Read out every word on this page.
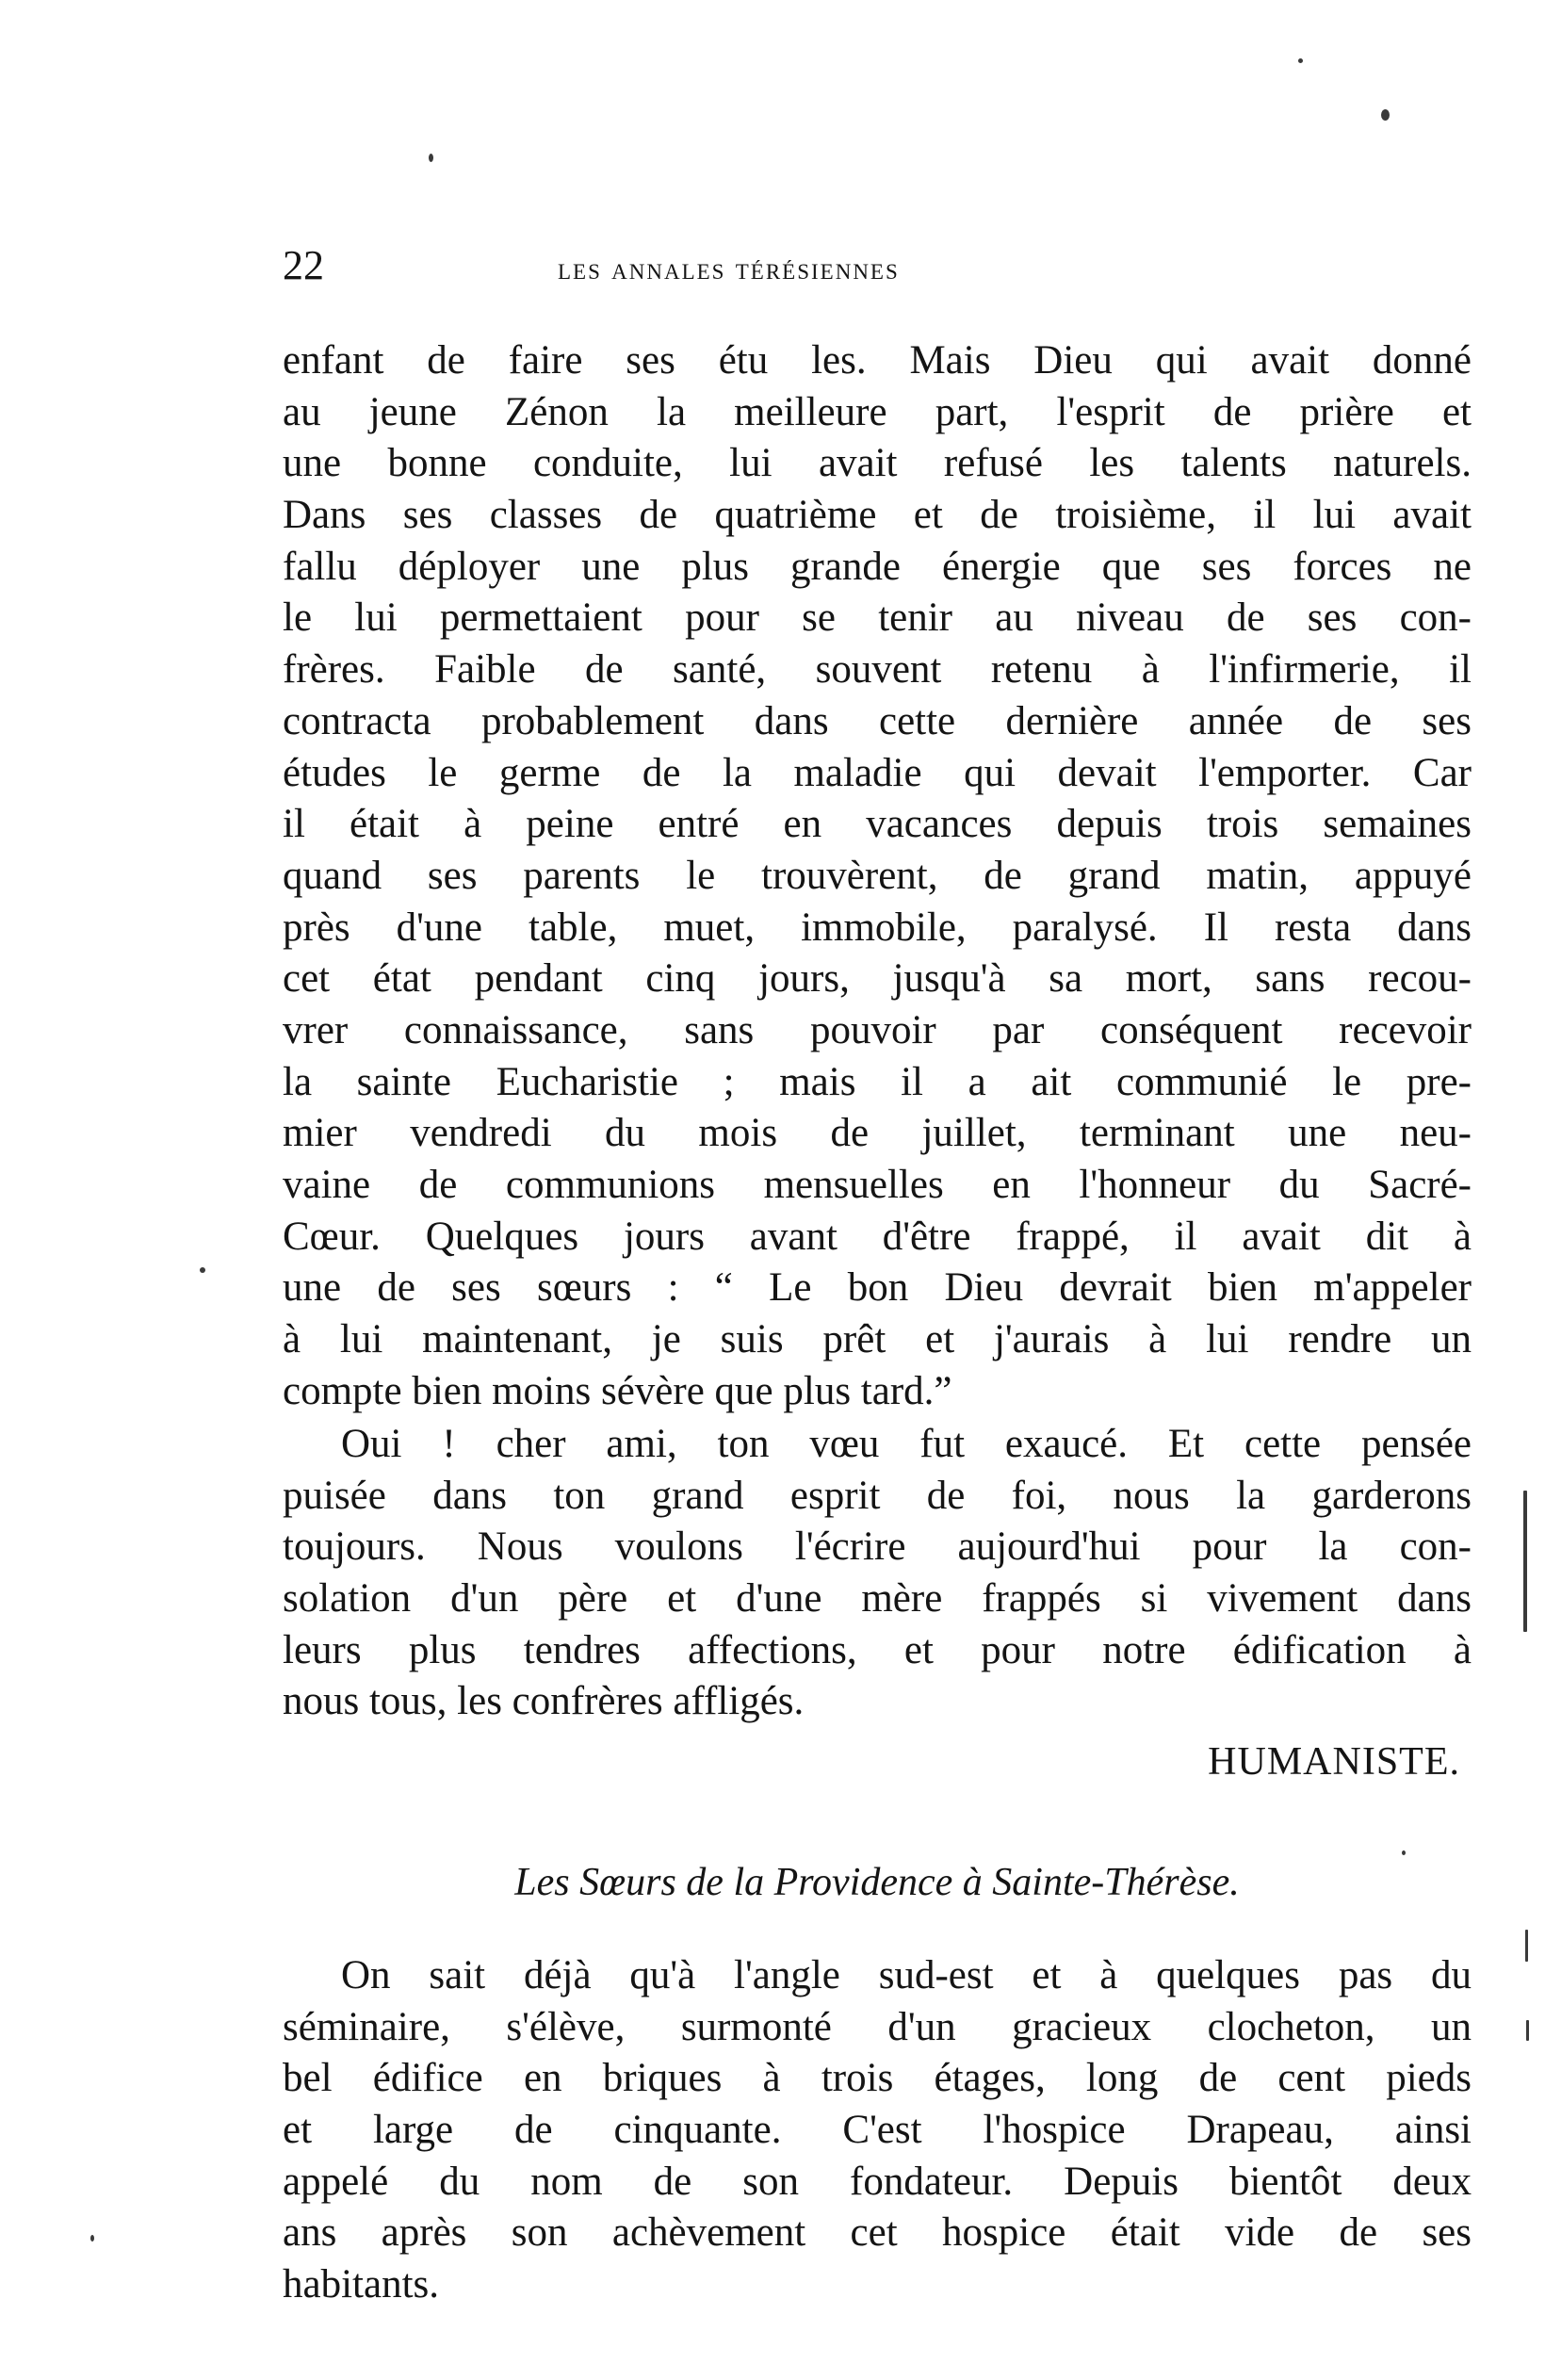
22	les annales térésiennes
enfant de faire ses étu les. Mais Dieu qui avait donné
au jeune Zénon la meilleure part, l'esprit de prière et
une bonne conduite, lui avait refusé les talents naturels.
Dans ses classes de quatrième et de troisième, il lui avait
fallu déployer une plus grande énergie que ses forces ne
le lui permettaient pour se tenir au niveau de ses con-
frères. Faible de santé, souvent retenu à l'infirmerie, il
contracta probablement dans cette dernière année de ses
études le germe de la maladie qui devait l'emporter. Car
il était à peine entré en vacances depuis trois semaines
quand ses parents le trouvèrent, de grand matin, appuyé
près d'une table, muet, immobile, paralysé. Il resta dans
cet état pendant cinq jours, jusqu'à sa mort, sans recou-
vrer connaissance, sans pouvoir par conséquent recevoir
la sainte Eucharistie ; mais il a ait communié le pre-
mier vendredi du mois de juillet, terminant une neu-
vaine de communions mensuelles en l'honneur du Sacré-
Cœur. Quelques jours avant d'être frappé, il avait dit à
une de ses sœurs : “ Le bon Dieu devrait bien m'appeler
à lui maintenant, je suis prêt et j'aurais à lui rendre un
compte bien moins sévère que plus tard.”
Oui ! cher ami, ton vœu fut exaucé. Et cette pensée
puisée dans ton grand esprit de foi, nous la garderons
toujours. Nous voulons l'écrire aujourd'hui pour la con-
solation d'un père et d'une mère frappés si vivement dans
leurs plus tendres affections, et pour notre édification à
nous tous, les confrères affligés.
HUMANISTE.
Les Sœurs de la Providence à Sainte-Thérèse.
On sait déjà qu'à l'angle sud-est et à quelques pas du
séminaire, s'élève, surmonté d'un gracieux clocheton, un
bel édifice en briques à trois étages, long de cent pieds
et large de cinquante. C'est l'hospice Drapeau, ainsi
appelé du nom de son fondateur. Depuis bientôt deux
ans après son achèvement cet hospice était vide de ses
habitants.
